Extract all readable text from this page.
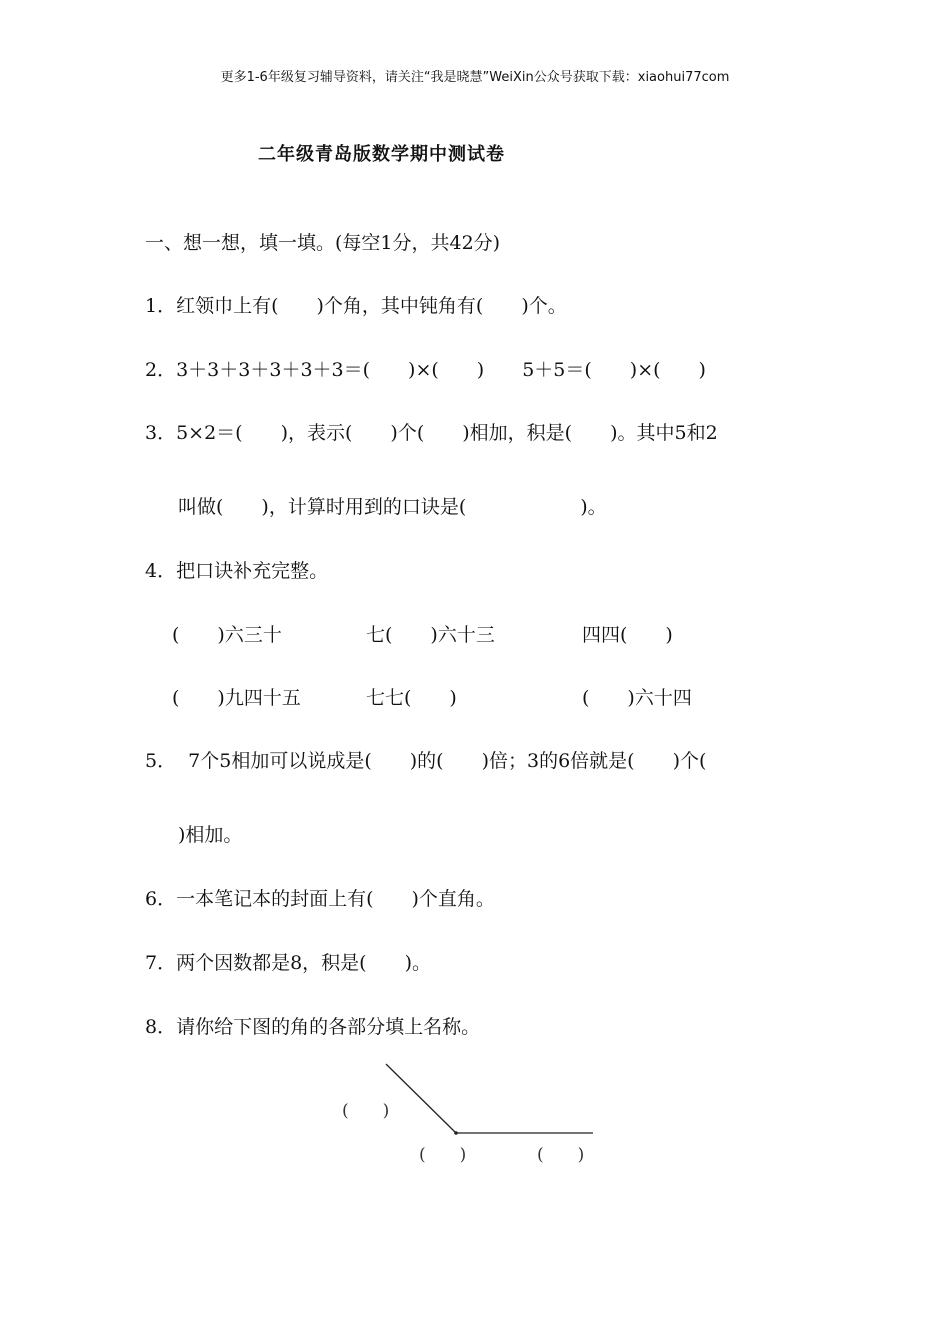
更多1-6年级复习辅导资料，请关注“我是晓慧”WeiXin公众号获取下载：xiaohui77com
二年级青岛版数学期中测试卷
一、想一想，填一填。(每空1分，共42分)
1．红领巾上有(　　)个角，其中钝角有(　　)个。
2．3＋3＋3＋3＋3＋3＝(　　)×(　　)　　5＋5＝(　　)×(　　)
3．5×2＝(　　)，表示(　　)个(　　)相加，积是(　　)。其中5和2
叫做(　　)，计算时用到的口诀是(　　　　　　)。
4．把口诀补充完整。
(　　)六三十	七(　　)六十三	四四(　　)
(　　)九四十五	七七(　　)	(　　)六十四
5．  7个5相加可以说成是(　　)的(　　)倍；3的6倍就是(　　)个(
)相加。
6．一本笔记本的封面上有(　　)个直角。
7．两个因数都是8，积是(　　)。
8．请你给下图的角的各部分填上名称。
(　　)
(　　)	(　　)
